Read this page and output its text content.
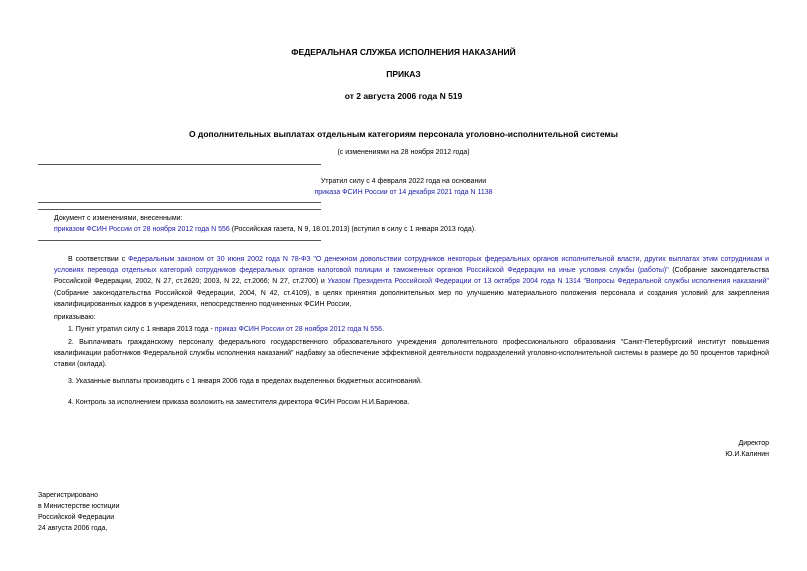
ФЕДЕРАЛЬНАЯ СЛУЖБА ИСПОЛНЕНИЯ НАКАЗАНИЙ
ПРИКАЗ
от 2 августа 2006 года N 519
О дополнительных выплатах отдельным категориям персонала уголовно-исполнительной системы
(с изменениями на 28 ноября 2012 года)
Утратил силу с 4 февраля 2022 года на основании
приказа ФСИН России от 14 декабря 2021 года N 1138
Документ с изменениями, внесенными:
приказом ФСИН России от 28 ноября 2012 года N 556 (Российская газета, N 9, 18.01.2013) (вступил в силу с 1 января 2013 года).
В соответствии с Федеральным законом от 30 июня 2002 года N 78-ФЗ "О денежном довольствии сотрудников некоторых федеральных органов исполнительной власти, других выплатах этим сотрудникам и условиях перевода отдельных категорий сотрудников федеральных органов налоговой полиции и таможенных органов Российской Федерации на иные условия службы (работы)" (Собрание законодательства Российской Федерации, 2002, N 27, ст.2620; 2003, N 22, ст.2066; N 27, ст.2700) и Указом Президента Российской Федерации от 13 октября 2004 года N 1314 "Вопросы Федеральной службы исполнения наказаний" (Собрание законодательства Российской Федерации, 2004, N 42, ст.4109), в целях принятия дополнительных мер по улучшению материального положения персонала и создания условий для закрепления квалифицированных кадров в учреждениях, непосредственно подчиненных ФСИН России,
приказываю:
1. Пункт утратил силу с 1 января 2013 года - приказ ФСИН России от 28 ноября 2012 года N 556.
2. Выплачивать гражданскому персоналу федерального государственного образовательного учреждения дополнительного профессионального образования "Санкт-Петербургский институт повышения квалификации работников Федеральной службы исполнения наказаний" надбавку за обеспечение эффективной деятельности подразделений уголовно-исполнительной системы в размере до 50 процентов тарифной ставки (оклада).
3. Указанные выплаты производить с 1 января 2006 года в пределах выделенных бюджетных ассигнований.
4. Контроль за исполнением приказа возложить на заместителя директора ФСИН России Н.И.Баринова.
Директор
Ю.И.Калинин
Зарегистрировано
в Министерстве юстиции
Российской Федерации
24 августа 2006 года,
